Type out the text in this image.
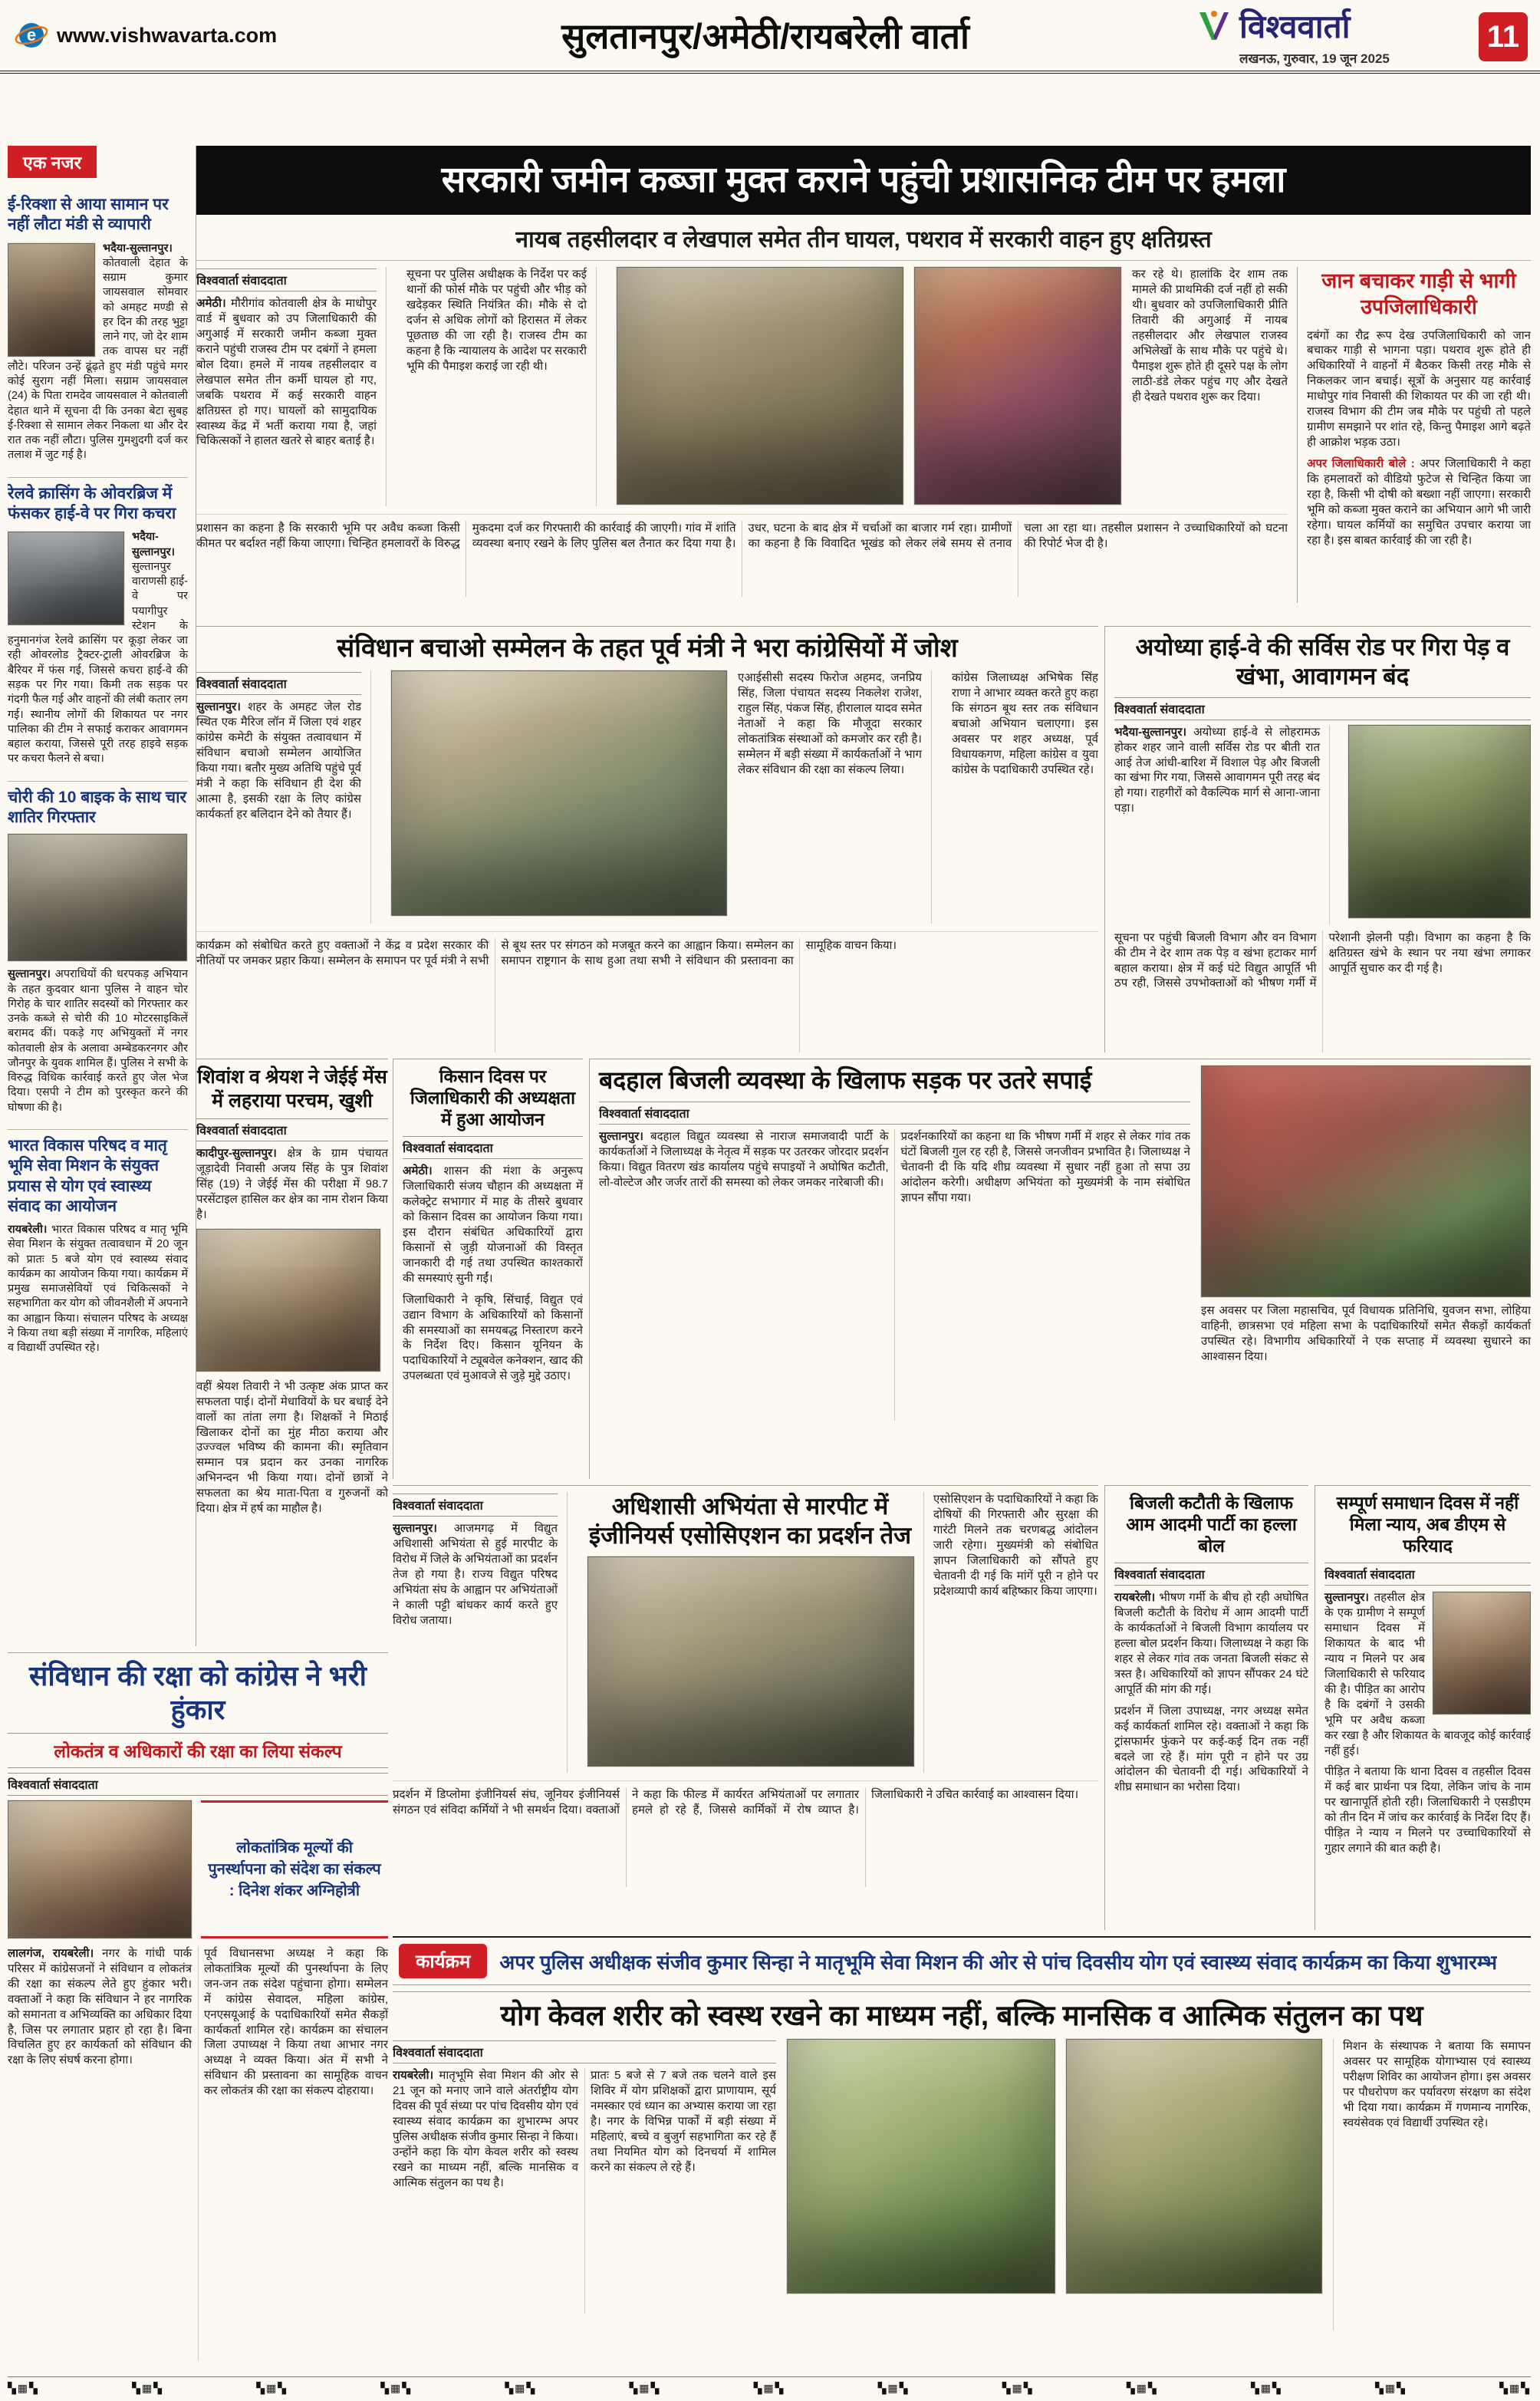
e www.vishwavarta.com	सुलतानपुर/अमेठी/रायबरेली वार्ता	विश्ववार्ता
लखनऊ, गुरुवार, 19 जून 2025
11
सरकारी जमीन कब्जा मुक्त कराने पहुंची प्रशासनिक टीम पर हमला
नायब तहसीलदार व लेखपाल समेत तीन घायल, पथराव में सरकारी वाहन हुए क्षतिग्रस्त
विश्ववार्ता संवाददाता

अमेठी। मौरीगांव कोतवाली क्षेत्र के माधोपुर वार्ड में बुधवार को उप जिलाधिकारी की अगुआई में सरकारी जमीन कब्जा मुक्त कराने पहुंची राजस्व टीम पर दबंगों ने हमला बोल दिया। हमले में नायब तहसीलदार व लेखपाल समेत तीन कर्मी घायल हो गए, जबकि पथराव में कई सरकारी वाहन क्षतिग्रस्त हो गए। घायलों को सामुदायिक स्वास्थ्य केंद्र में भर्ती कराया गया है, जहां चिकित्सकों ने हालत खतरे से बाहर बताई है।

सूचना पर पुलिस अधीक्षक के निर्देश पर कई थानों की फोर्स मौके पर पहुंची और भीड़ को खदेड़कर स्थिति नियंत्रित की। मौके से दो दर्जन से अधिक लोगों को हिरासत में लेकर पूछताछ की जा रही है। राजस्व टीम का कहना है कि न्यायालय के आदेश पर सरकारी भूमि की पैमाइश कराई जा रही थी।

कर रहे थे। हालांकि देर शाम तक मामले की प्राथमिकी दर्ज नहीं हो सकी थी। बुधवार को उपजिलाधिकारी प्रीति तिवारी की अगुआई में नायब तहसीलदार और लेखपाल राजस्व अभिलेखों के साथ मौके पर पहुंचे थे। पैमाइश शुरू होते ही दूसरे पक्ष के लोग लाठी-डंडे लेकर पहुंच गए और देखते ही देखते पथराव शुरू कर दिया।

प्रशासन का कहना है कि सरकारी भूमि पर अवैध कब्जा किसी कीमत पर बर्दाश्त नहीं किया जाएगा। चिन्हित हमलावरों के विरुद्ध मुकदमा दर्ज कर गिरफ्तारी की कार्रवाई की जाएगी। गांव में शांति व्यवस्था बनाए रखने के लिए पुलिस बल तैनात कर दिया गया है। उधर, घटना के बाद क्षेत्र में चर्चाओं का बाजार गर्म रहा। ग्रामीणों का कहना है कि विवादित भूखंड को लेकर लंबे समय से तनाव चला आ रहा था। तहसील प्रशासन ने उच्चाधिकारियों को घटना की रिपोर्ट भेज दी है।
जान बचाकर गाड़ी से भागी उपजिलाधिकारी

दबंगों का रौद्र रूप देख उपजिलाधिकारी को जान बचाकर गाड़ी से भागना पड़ा। पथराव शुरू होते ही अधिकारियों ने वाहनों में बैठकर किसी तरह मौके से निकलकर जान बचाई। सूत्रों के अनुसार यह कार्रवाई माधोपुर गांव निवासी की शिकायत पर की जा रही थी। राजस्व विभाग की टीम जब मौके पर पहुंची तो पहले ग्रामीण समझाने पर शांत रहे, किन्तु पैमाइश आगे बढ़ते ही आक्रोश भड़क उठा।

अपर जिलाधिकारी बोले : अपर जिलाधिकारी ने कहा कि हमलावरों को वीडियो फुटेज से चिन्हित किया जा रहा है, किसी भी दोषी को बख्शा नहीं जाएगा। सरकारी भूमि को कब्जा मुक्त कराने का अभियान आगे भी जारी रहेगा। घायल कर्मियों का समुचित उपचार कराया जा रहा है। इस बाबत कार्रवाई की जा रही है।

एक नजर
ई-रिक्शा से आया सामान पर नहीं लौटा मंडी से व्यापारी

भदैया-सुल्तानपुर। कोतवाली देहात के सग्राम कुमार जायसवाल सोमवार को अमहट मण्डी से हर दिन की तरह भुट्टा लाने गए, जो देर शाम तक वापस घर नहीं लौटे। परिजन उन्हें ढूंढ़ते हुए मंडी पहुंचे मगर कोई सुराग नहीं मिला। सग्राम जायसवाल (24) के पिता रामदेव जायसवाल ने कोतवाली देहात थाने में सूचना दी कि उनका बेटा सुबह ई-रिक्शा से सामान लेकर निकला था और देर रात तक नहीं लौटा। पुलिस गुमशुदगी दर्ज कर तलाश में जुट गई है।

रेलवे क्रासिंग के ओवरब्रिज में फंसकर हाई-वे पर गिरा कचरा

भदैया-सुल्तानपुर। सुल्तानपुर वाराणसी हाई-वे पर पयागीपुर स्टेशन के हनुमानगंज रेलवे क्रासिंग पर कूड़ा लेकर जा रही ओवरलोड ट्रैक्टर-ट्राली ओवरब्रिज के बैरियर में फंस गई, जिससे कचरा हाई-वे की सड़क पर गिर गया। किमी तक सड़क पर गंदगी फैल गई और वाहनों की लंबी कतार लग गई। स्थानीय लोगों की शिकायत पर नगर पालिका की टीम ने सफाई कराकर आवागमन बहाल कराया, जिससे पूरी तरह हाइवे सड़क पर कचरा फैलने से बचा।

चोरी की 10 बाइक के साथ चार शातिर गिरफ्तार

सुल्तानपुर। अपराधियों की धरपकड़ अभियान के तहत कुदवार थाना पुलिस ने वाहन चोर गिरोह के चार शातिर सदस्यों को गिरफ्तार कर उनके कब्जे से चोरी की 10 मोटरसाइकिलें बरामद कीं। पकड़े गए अभियुक्तों में नगर कोतवाली क्षेत्र के अलावा अम्बेडकरनगर और जौनपुर के युवक शामिल हैं। पुलिस ने सभी के विरुद्ध विधिक कार्रवाई करते हुए जेल भेज दिया। एसपी ने टीम को पुरस्कृत करने की घोषणा की है।

भारत विकास परिषद व मातृ भूमि सेवा मिशन के संयुक्त प्रयास से योग एवं स्वास्थ्य संवाद का आयोजन

रायबरेली। भारत विकास परिषद व मातृ भूमि सेवा मिशन के संयुक्त तत्वावधान में 20 जून को प्रातः 5 बजे योग एवं स्वास्थ्य संवाद कार्यक्रम का आयोजन किया गया। कार्यक्रम में प्रमुख समाजसेवियों एवं चिकित्सकों ने सहभागिता कर योग को जीवनशैली में अपनाने का आह्वान किया। संचालन परिषद के अध्यक्ष ने किया तथा बड़ी संख्या में नागरिक, महिलाएं व विद्यार्थी उपस्थित रहे।

संविधान बचाओ सम्मेलन के तहत पूर्व मंत्री ने भरा कांग्रेसियों में जोश
विश्ववार्ता संवाददाता

सुल्तानपुर। शहर के अमहट जेल रोड स्थित एक मैरिज लॉन में जिला एवं शहर कांग्रेस कमेटी के संयुक्त तत्वावधान में संविधान बचाओ सम्मेलन आयोजित किया गया। बतौर मुख्य अतिथि पहुंचे पूर्व मंत्री ने कहा कि संविधान ही देश की आत्मा है, इसकी रक्षा के लिए कांग्रेस कार्यकर्ता हर बलिदान देने को तैयार हैं।

एआईसीसी सदस्य फिरोज अहमद, जनप्रिय सिंह, जिला पंचायत सदस्य निकलेश राजेश, राहुल सिंह, पंकज सिंह, हीरालाल यादव समेत नेताओं ने कहा कि मौजूदा सरकार लोकतांत्रिक संस्थाओं को कमजोर कर रही है। सम्मेलन में बड़ी संख्या में कार्यकर्ताओं ने भाग लेकर संविधान की रक्षा का संकल्प लिया।

कांग्रेस जिलाध्यक्ष अभिषेक सिंह राणा ने आभार व्यक्त करते हुए कहा कि संगठन बूथ स्तर तक संविधान बचाओ अभियान चलाएगा। इस अवसर पर शहर अध्यक्ष, पूर्व विधायकगण, महिला कांग्रेस व युवा कांग्रेस के पदाधिकारी उपस्थित रहे।

कार्यक्रम को संबोधित करते हुए वक्ताओं ने केंद्र व प्रदेश सरकार की नीतियों पर जमकर प्रहार किया। सम्मेलन के समापन पर पूर्व मंत्री ने सभी से बूथ स्तर पर संगठन को मजबूत करने का आह्वान किया। सम्मेलन का समापन राष्ट्रगान के साथ हुआ तथा सभी ने संविधान की प्रस्तावना का सामूहिक वाचन किया।
अयोध्या हाई-वे की सर्विस रोड पर गिरा पेड़ व खंभा, आवागमन बंद
विश्ववार्ता संवाददाता

भदैया-सुल्तानपुर। अयोध्या हाई-वे से लोहरामऊ होकर शहर जाने वाली सर्विस रोड पर बीती रात आई तेज आंधी-बारिश में विशाल पेड़ और बिजली का खंभा गिर गया, जिससे आवागमन पूरी तरह बंद हो गया। राहगीरों को वैकल्पिक मार्ग से आना-जाना पड़ा।

सूचना पर पहुंची बिजली विभाग और वन विभाग की टीम ने देर शाम तक पेड़ व खंभा हटाकर मार्ग बहाल कराया। क्षेत्र में कई घंटे विद्युत आपूर्ति भी ठप रही, जिससे उपभोक्ताओं को भीषण गर्मी में परेशानी झेलनी पड़ी। विभाग का कहना है कि क्षतिग्रस्त खंभे के स्थान पर नया खंभा लगाकर आपूर्ति सुचारु कर दी गई है।
शिवांश व श्रेयश ने जेईई मेंस में लहराया परचम, खुशी
विश्ववार्ता संवाददाता

कादीपुर-सुल्तानपुर। क्षेत्र के ग्राम पंचायत जूड़ादेवी निवासी अजय सिंह के पुत्र शिवांश सिंह (19) ने जेईई मेंस की परीक्षा में 98.7 परसेंटाइल हासिल कर क्षेत्र का नाम रोशन किया है।

वहीं श्रेयश तिवारी ने भी उत्कृष्ट अंक प्राप्त कर सफलता पाई। दोनों मेधावियों के घर बधाई देने वालों का तांता लगा है। शिक्षकों ने मिठाई खिलाकर दोनों का मुंह मीठा कराया और उज्ज्वल भविष्य की कामना की। स्मृतिवान सम्मान पत्र प्रदान कर उनका नागरिक अभिनन्दन भी किया गया। दोनों छात्रों ने सफलता का श्रेय माता-पिता व गुरुजनों को दिया। क्षेत्र में हर्ष का माहौल है।

किसान दिवस पर जिलाधिकारी की अध्यक्षता में हुआ आयोजन
विश्ववार्ता संवाददाता

अमेठी। शासन की मंशा के अनुरूप जिलाधिकारी संजय चौहान की अध्यक्षता में कलेक्ट्रेट सभागार में माह के तीसरे बुधवार को किसान दिवस का आयोजन किया गया। इस दौरान संबंधित अधिकारियों द्वारा किसानों से जुड़ी योजनाओं की विस्तृत जानकारी दी गई तथा उपस्थित काश्तकारों की समस्याएं सुनी गईं।

जिलाधिकारी ने कृषि, सिंचाई, विद्युत एवं उद्यान विभाग के अधिकारियों को किसानों की समस्याओं का समयबद्ध निस्तारण करने के निर्देश दिए। किसान यूनियन के पदाधिकारियों ने ट्यूबवेल कनेक्शन, खाद की उपलब्धता एवं मुआवजे से जुड़े मुद्दे उठाए।

बदहाल बिजली व्यवस्था के खिलाफ सड़क पर उतरे सपाई
विश्ववार्ता संवाददाता

सुल्तानपुर। बदहाल विद्युत व्यवस्था से नाराज समाजवादी पार्टी के कार्यकर्ताओं ने जिलाध्यक्ष के नेतृत्व में सड़क पर उतरकर जोरदार प्रदर्शन किया। विद्युत वितरण खंड कार्यालय पहुंचे सपाइयों ने अघोषित कटौती, लो-वोल्टेज और जर्जर तारों की समस्या को लेकर जमकर नारेबाजी की।

प्रदर्शनकारियों का कहना था कि भीषण गर्मी में शहर से लेकर गांव तक घंटों बिजली गुल रह रही है, जिससे जनजीवन प्रभावित है। जिलाध्यक्ष ने चेतावनी दी कि यदि शीघ्र व्यवस्था में सुधार नहीं हुआ तो सपा उग्र आंदोलन करेगी। अधीक्षण अभियंता को मुख्यमंत्री के नाम संबोधित ज्ञापन सौंपा गया।

इस अवसर पर जिला महासचिव, पूर्व विधायक प्रतिनिधि, युवजन सभा, लोहिया वाहिनी, छात्रसभा एवं महिला सभा के पदाधिकारियों समेत सैकड़ों कार्यकर्ता उपस्थित रहे। विभागीय अधिकारियों ने एक सप्ताह में व्यवस्था सुधारने का आश्वासन दिया।

विश्ववार्ता संवाददाता

सुल्तानपुर। आजमगढ़ में विद्युत अधिशासी अभियंता से हुई मारपीट के विरोध में जिले के अभियंताओं का प्रदर्शन तेज हो गया है। राज्य विद्युत परिषद अभियंता संघ के आह्वान पर अभियंताओं ने काली पट्टी बांधकर कार्य करते हुए विरोध जताया।

अधिशासी अभियंता से मारपीट में इंजीनियर्स एसोसिएशन का प्रदर्शन तेज

एसोसिएशन के पदाधिकारियों ने कहा कि दोषियों की गिरफ्तारी और सुरक्षा की गारंटी मिलने तक चरणबद्ध आंदोलन जारी रहेगा। मुख्यमंत्री को संबोधित ज्ञापन जिलाधिकारी को सौंपते हुए चेतावनी दी गई कि मांगें पूरी न होने पर प्रदेशव्यापी कार्य बहिष्कार किया जाएगा।

प्रदर्शन में डिप्लोमा इंजीनियर्स संघ, जूनियर इंजीनियर्स संगठन एवं संविदा कर्मियों ने भी समर्थन दिया। वक्ताओं ने कहा कि फील्ड में कार्यरत अभियंताओं पर लगातार हमले हो रहे हैं, जिससे कार्मिकों में रोष व्याप्त है। जिलाधिकारी ने उचित कार्रवाई का आश्वासन दिया।
बिजली कटौती के खिलाफ आम आदमी पार्टी का हल्ला बोल
विश्ववार्ता संवाददाता

रायबरेली। भीषण गर्मी के बीच हो रही अघोषित बिजली कटौती के विरोध में आम आदमी पार्टी के कार्यकर्ताओं ने बिजली विभाग कार्यालय पर हल्ला बोल प्रदर्शन किया। जिलाध्यक्ष ने कहा कि शहर से लेकर गांव तक जनता बिजली संकट से त्रस्त है। अधिकारियों को ज्ञापन सौंपकर 24 घंटे आपूर्ति की मांग की गई।

प्रदर्शन में जिला उपाध्यक्ष, नगर अध्यक्ष समेत कई कार्यकर्ता शामिल रहे। वक्ताओं ने कहा कि ट्रांसफार्मर फुंकने पर कई-कई दिन तक नहीं बदले जा रहे हैं। मांग पूरी न होने पर उग्र आंदोलन की चेतावनी दी गई। अधिकारियों ने शीघ्र समाधान का भरोसा दिया।

सम्पूर्ण समाधान दिवस में नहीं मिला न्याय, अब डीएम से फरियाद
विश्ववार्ता संवाददाता

सुल्तानपुर। तहसील क्षेत्र के एक ग्रामीण ने सम्पूर्ण समाधान दिवस में शिकायत के बाद भी न्याय न मिलने पर अब जिलाधिकारी से फरियाद की है। पीड़ित का आरोप है कि दबंगों ने उसकी भूमि पर अवैध कब्जा कर रखा है और शिकायत के बावजूद कोई कार्रवाई नहीं हुई।

पीड़ित ने बताया कि थाना दिवस व तहसील दिवस में कई बार प्रार्थना पत्र दिया, लेकिन जांच के नाम पर खानापूर्ति होती रही। जिलाधिकारी ने एसडीएम को तीन दिन में जांच कर कार्रवाई के निर्देश दिए हैं। पीड़ित ने न्याय न मिलने पर उच्चाधिकारियों से गुहार लगाने की बात कही है।

संविधान की रक्षा को कांग्रेस ने भरी हुंकार
लोकतंत्र व अधिकारों की रक्षा का लिया संकल्प
विश्ववार्ता संवाददाता
लोकतांत्रिक मूल्यों की पुनर्स्थापना को संदेश का संकल्प : दिनेश शंकर अग्निहोत्री

लालगंज, रायबरेली। नगर के गांधी पार्क परिसर में कांग्रेसजनों ने संविधान व लोकतंत्र की रक्षा का संकल्प लेते हुए हुंकार भरी। वक्ताओं ने कहा कि संविधान ने हर नागरिक को समानता व अभिव्यक्ति का अधिकार दिया है, जिस पर लगातार प्रहार हो रहा है। बिना विचलित हुए हर कार्यकर्ता को संविधान की रक्षा के लिए संघर्ष करना होगा।

पूर्व विधानसभा अध्यक्ष ने कहा कि लोकतांत्रिक मूल्यों की पुनर्स्थापना के लिए जन-जन तक संदेश पहुंचाना होगा। सम्मेलन में कांग्रेस सेवादल, महिला कांग्रेस, एनएसयूआई के पदाधिकारियों समेत सैकड़ों कार्यकर्ता शामिल रहे। कार्यक्रम का संचालन जिला उपाध्यक्ष ने किया तथा आभार नगर अध्यक्ष ने व्यक्त किया। अंत में सभी ने संविधान की प्रस्तावना का सामूहिक वाचन कर लोकतंत्र की रक्षा का संकल्प दोहराया।

कार्यक्रम	अपर पुलिस अधीक्षक संजीव कुमार सिन्हा ने मातृभूमि सेवा मिशन की ओर से पांच दिवसीय योग एवं स्वास्थ्य संवाद कार्यक्रम का किया शुभारम्भ
योग केवल शरीर को स्वस्थ रखने का माध्यम नहीं, बल्कि मानसिक व आत्मिक संतुलन का पथ
विश्ववार्ता संवाददाता

रायबरेली। मातृभूमि सेवा मिशन की ओर से 21 जून को मनाए जाने वाले अंतर्राष्ट्रीय योग दिवस की पूर्व संध्या पर पांच दिवसीय योग एवं स्वास्थ्य संवाद कार्यक्रम का शुभारम्भ अपर पुलिस अधीक्षक संजीव कुमार सिन्हा ने किया। उन्होंने कहा कि योग केवल शरीर को स्वस्थ रखने का माध्यम नहीं, बल्कि मानसिक व आत्मिक संतुलन का पथ है।

प्रातः 5 बजे से 7 बजे तक चलने वाले इस शिविर में योग प्रशिक्षकों द्वारा प्राणायाम, सूर्य नमस्कार एवं ध्यान का अभ्यास कराया जा रहा है। नगर के विभिन्न पार्कों में बड़ी संख्या में महिलाएं, बच्चे व बुजुर्ग सहभागिता कर रहे हैं तथा नियमित योग को दिनचर्या में शामिल करने का संकल्प ले रहे हैं।

मिशन के संस्थापक ने बताया कि समापन अवसर पर सामूहिक योगाभ्यास एवं स्वास्थ्य परीक्षण शिविर का आयोजन होगा। इस अवसर पर पौधरोपण कर पर्यावरण संरक्षण का संदेश भी दिया गया। कार्यक्रम में गणमान्य नागरिक, स्वयंसेवक एवं विद्यार्थी उपस्थित रहे।

▚▦▚	▚▦▚	▚▦▚	▚▦▚	▚▦▚	▚▦▚	▚▦▚	▚▦▚	▚▦▚	▚▦▚	▚▦▚	▚▦▚	▚▦▚
